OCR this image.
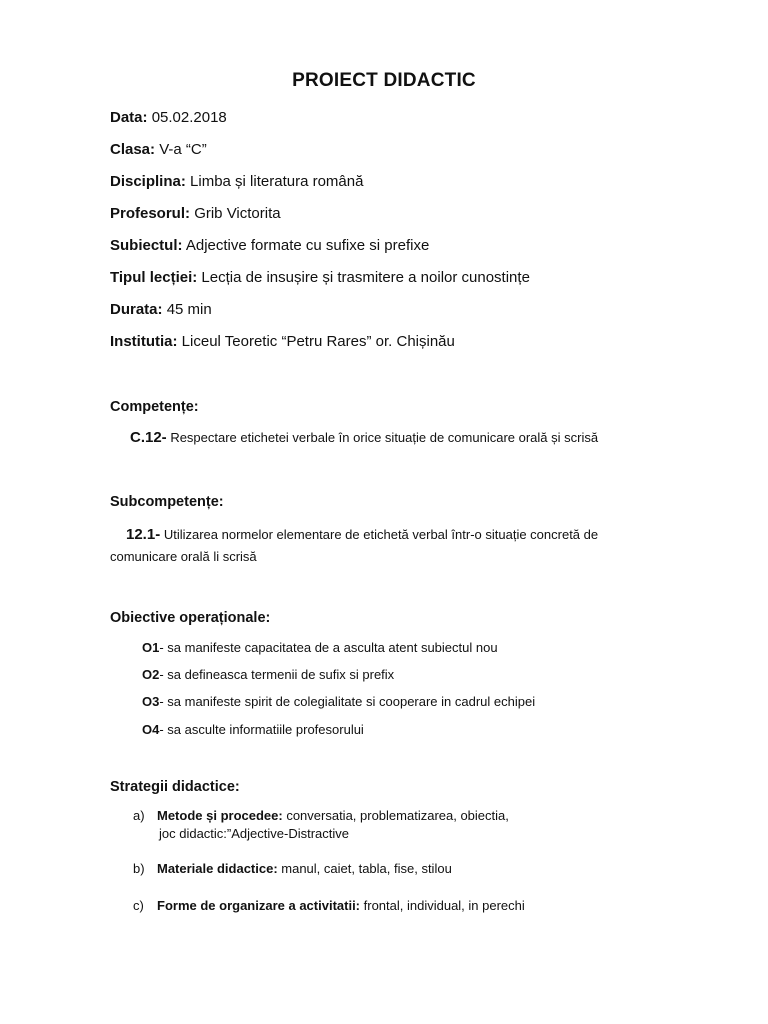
PROIECT DIDACTIC
Data: 05.02.2018
Clasa: V-a “C”
Disciplina: Limba și literatura română
Profesorul: Grib Victorita
Subiectul: Adjective formate cu sufixe si prefixe
Tipul lecției: Lecția de insușire și trasmitere a noilor cunostințe
Durata: 45 min
Institutia: Liceul Teoretic “Petru Rares” or. Chișinău
Competențe:
C.12- Respectare etichetei verbale în orice situație de comunicare orală și scrisă
Subcompetențe:
12.1- Utilizarea normelor elementare de etichetă verbal într-o situație concretă de
comunicare orală li scrisă
Obiective operaționale:
O1- sa manifeste capacitatea de a asculta atent subiectul nou
O2- sa defineasca termenii de sufix si prefix
O3- sa manifeste spirit de colegialitate si cooperare in cadrul echipei
O4- sa asculte informatiile profesorului
Strategii didactice:
a) Metode și procedee: conversatia, problematizarea, obiectia,
joc didactic:”Adjective-Distractive
b) Materiale didactice: manul, caiet, tabla, fise, stilou
c) Forme de organizare a activitatii: frontal, individual, in perechi
